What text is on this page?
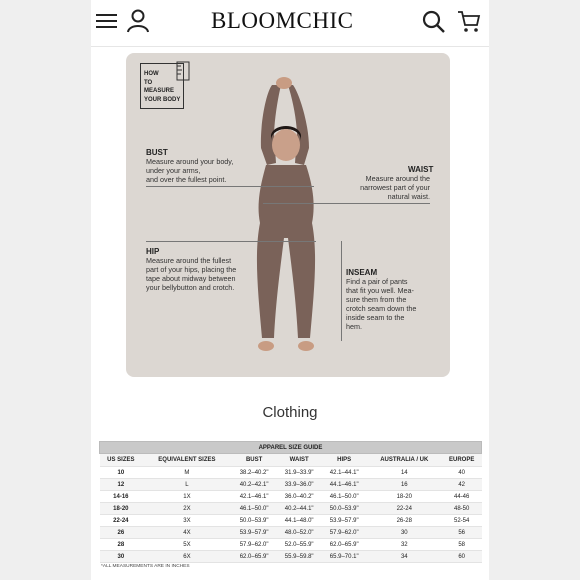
BLOOMCHIC
HOW
TO
MEASURE
YOUR BODY
BUST
Measure around your body,
under your arms,
and over the fullest point.
WAIST
Measure around the
narrowest part of your
natural waist.
HIP
Measure around the fullest
part of your hips, placing the
tape about midway between
your bellybutton and crotch.
INSEAM
Find a pair of pants
that fit you well. Mea-
sure them from the
crotch seam down the
inside seam to the
hem.
Clothing
APPAREL SIZE GUIDE						
US SIZES	EQUIVALENT SIZES	BUST	WAIST	HIPS	AUSTRALIA / UK	EUROPE
10	M	38.2–40.2"	31.9–33.9"	42.1–44.1"	14	40
12	L	40.2–42.1"	33.9–36.0"	44.1–46.1"	16	42
14-16	1X	42.1–46.1"	36.0–40.2"	46.1–50.0"	18-20	44-46
18-20	2X	46.1–50.0"	40.2–44.1"	50.0–53.9"	22-24	48-50
22-24	3X	50.0–53.9"	44.1–48.0"	53.9–57.9"	26-28	52-54
26	4X	53.9–57.9"	48.0–52.0"	57.9–62.0"	30	56
28	5X	57.9–62.0"	52.0–55.9"	62.0–65.9"	32	58
30	6X	62.0–65.9"	55.9–59.8"	65.9–70.1"	34	60
*ALL MEASUREMENTS ARE IN INCHES
